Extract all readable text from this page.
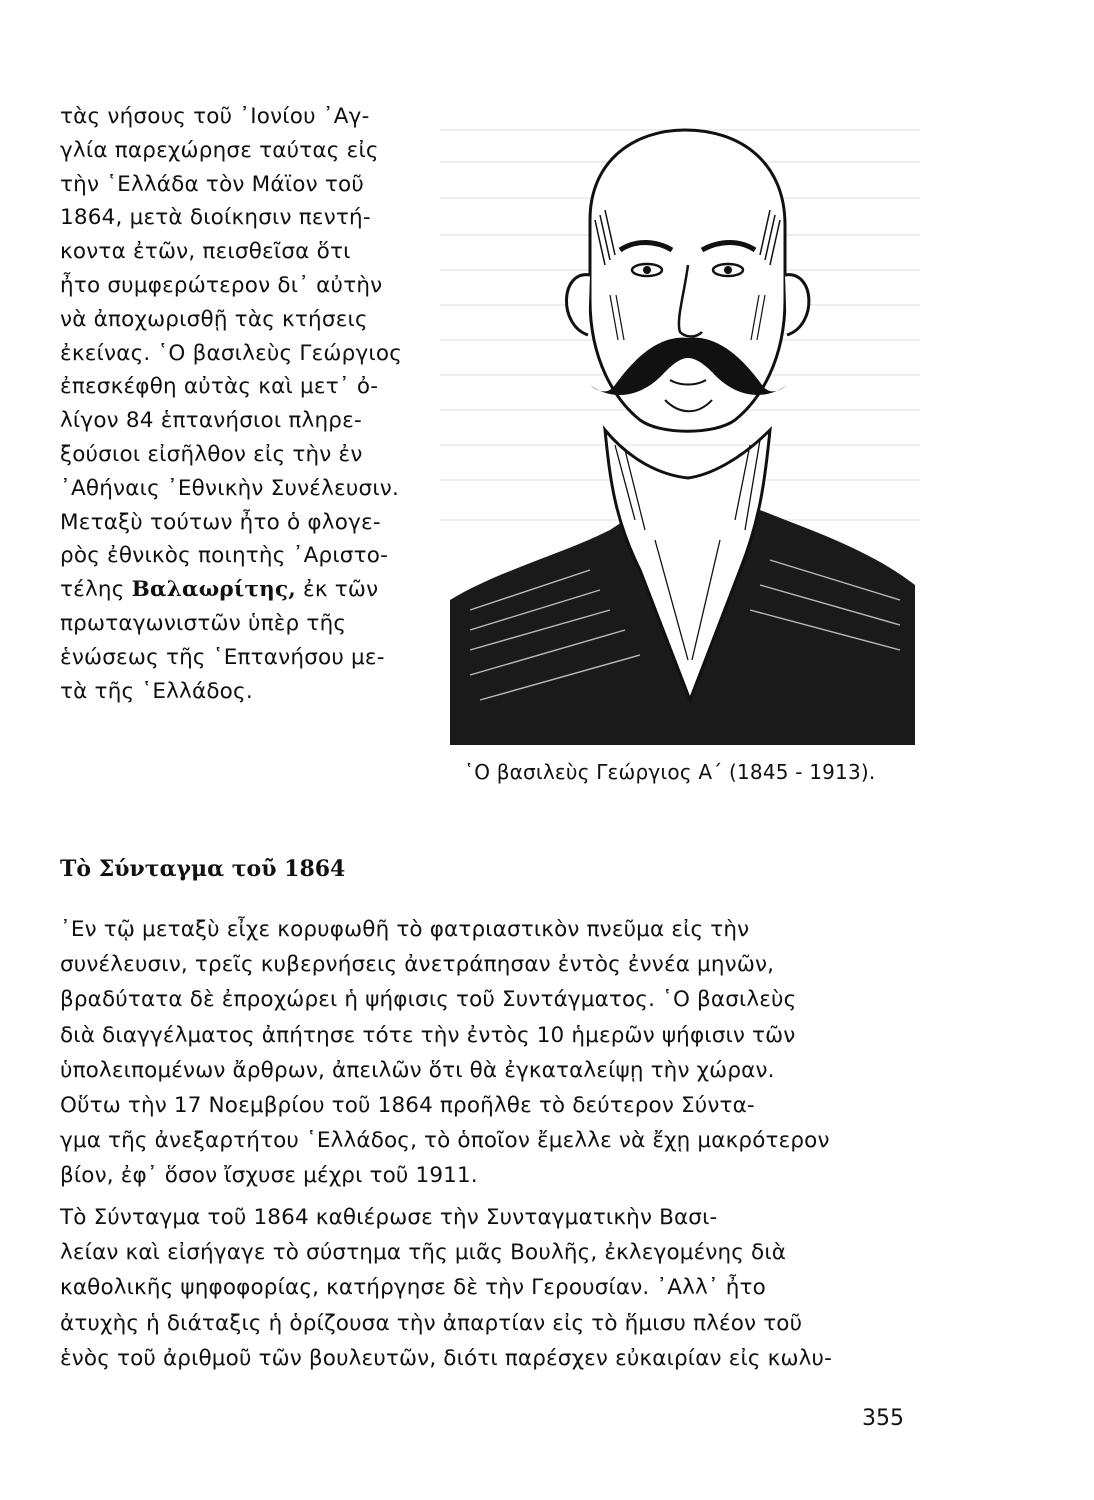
τὰς νήσους τοῦ ᾿Ιονίου ᾿Αγ-
γλία παρεχώρησε ταύτας εἰς
τὴν ῾Ελλάδα τὸν Μάϊον τοῦ
1864, μετὰ διοίκησιν πεντή-
κοντα ἐτῶν, πεισθεῖσα ὅτι
ἦτο συμφερώτερον δι᾿ αὐτὴν
νὰ ἀποχωρισθῇ τὰς κτήσεις
ἐκείνας. ῾Ο βασιλεὺς Γεώργιος
ἐπεσκέφθη αὐτὰς καὶ μετ᾿ ὀ-
λίγον 84 ἑπτανήσιοι πληρε-
ξούσιοι εἰσῆλθον εἰς τὴν ἐν
᾿Αθήναις ᾿Εθνικὴν Συνέλευσιν.
Μεταξὺ τούτων ἦτο ὁ φλογε-
ρὸς ἐθνικὸς ποιητὴς ᾿Αριστο-
τέλης Βαλαωρίτης, ἐκ τῶν
πρωταγωνιστῶν ὑπὲρ τῆς
ἑνώσεως τῆς ῾Επτανήσου με-
τὰ τῆς ῾Ελλάδος.
῾Ο βασιλεὺς Γεώργιος Α΄ (1845 - 1913).
Τὸ Σύνταγμα τοῦ 1864
᾿Εν τῷ μεταξὺ εἶχε κορυφωθῆ τὸ φατριαστικὸν πνεῦμα εἰς τὴν
συνέλευσιν, τρεῖς κυβερνήσεις ἀνετράπησαν ἐντὸς ἐννέα μηνῶν,
βραδύτατα δὲ ἐπροχώρει ἡ ψήφισις τοῦ Συντάγματος. ῾Ο βασιλεὺς
διὰ διαγγέλματος ἀπήτησε τότε τὴν ἐντὸς 10 ἡμερῶν ψήφισιν τῶν
ὑπολειπομένων ἄρθρων, ἀπειλῶν ὅτι θὰ ἐγκαταλείψῃ τὴν χώραν.
Οὕτω τὴν 17 Νοεμβρίου τοῦ 1864 προῆλθε τὸ δεύτερον Σύντα-
γμα τῆς ἀνεξαρτήτου ῾Ελλάδος, τὸ ὁποῖον ἔμελλε νὰ ἔχῃ μακρότερον
βίον, ἐφ᾿ ὅσον ἴσχυσε μέχρι τοῦ 1911.
Τὸ Σύνταγμα τοῦ 1864 καθιέρωσε τὴν Συνταγματικὴν Βασι-
λείαν καὶ εἰσήγαγε τὸ σύστημα τῆς μιᾶς Βουλῆς, ἐκλεγομένης διὰ
καθολικῆς ψηφοφορίας, κατήργησε δὲ τὴν Γερουσίαν. ᾿Αλλ᾿ ἦτο
ἀτυχὴς ἡ διάταξις ἡ ὁρίζουσα τὴν ἀπαρτίαν εἰς τὸ ἥμισυ πλέον τοῦ
ἑνὸς τοῦ ἀριθμοῦ τῶν βουλευτῶν, διότι παρέσχεν εὐκαιρίαν εἰς κωλυ-
355
